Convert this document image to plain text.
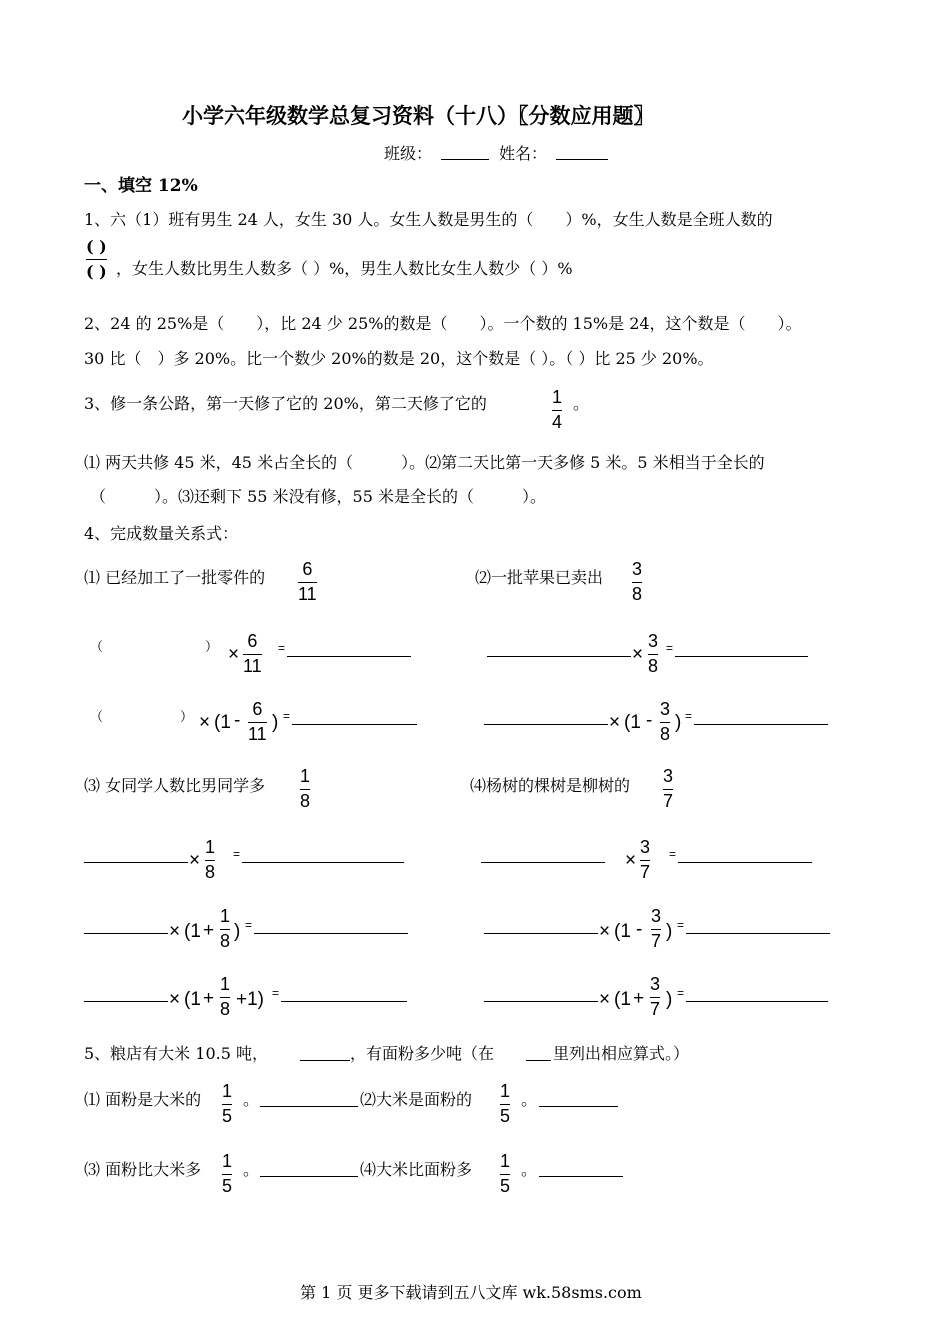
小学六年级数学总复习资料（十八）〖分数应用题〗
班级：	姓名：
一、填空 12%
1、六（1）班有男生 24 人，女生 30 人。女生人数是男生的（　　）%，女生人数是全班人数的
( )
( ) ，女生人数比男生人数多（ ）%，男生人数比女生人数少（ ）%
2、24 的 25%是（　　），比 24 少 25%的数是（　　）。一个数的 15%是 24，这个数是（　　）。
30 比（　）多 20%。比一个数少 20%的数是 20，这个数是（ ）。（ ）比 25 少 20%。
3、修一条公路，第一天修了它的 20%，第二天修了它的	1
4
。
⑴ 两天共修 45 米，45 米占全长的（　　　）。⑵第二天比第一天多修 5 米。5 米相当于全长的
（　　　）。⑶还剩下 55 米没有修，55 米是全长的（　　　）。
4、完成数量关系式：
⑴ 已经加工了一批零件的 6
11
⑵一批苹果已卖出 3
8
（	） ×
6
11
=	×
3
8
=
（	） × (1 -
6
11
) =	× (1 -
3
8
) =
⑶ 女同学人数比男同学多 1
8
⑷杨树的棵树是柳树的 3
7
×
1
8
=	×
3
7
=
× (1 +
1
8 ) =	× (1 -
3
7 ) =
× (1 +
1
8 +1) =	× (1 +
3
7 ) =
5、粮店有大米 10.5 吨，	，有面粉多少吨（在	里列出相应算式。）
⑴ 面粉是大米的 1
5
。	⑵大米是面粉的 1
5
。
⑶ 面粉比大米多 1
5
。	⑷大米比面粉多 1
5
。
第 1 页 更多下载请到五八文库 wk.58sms.com
